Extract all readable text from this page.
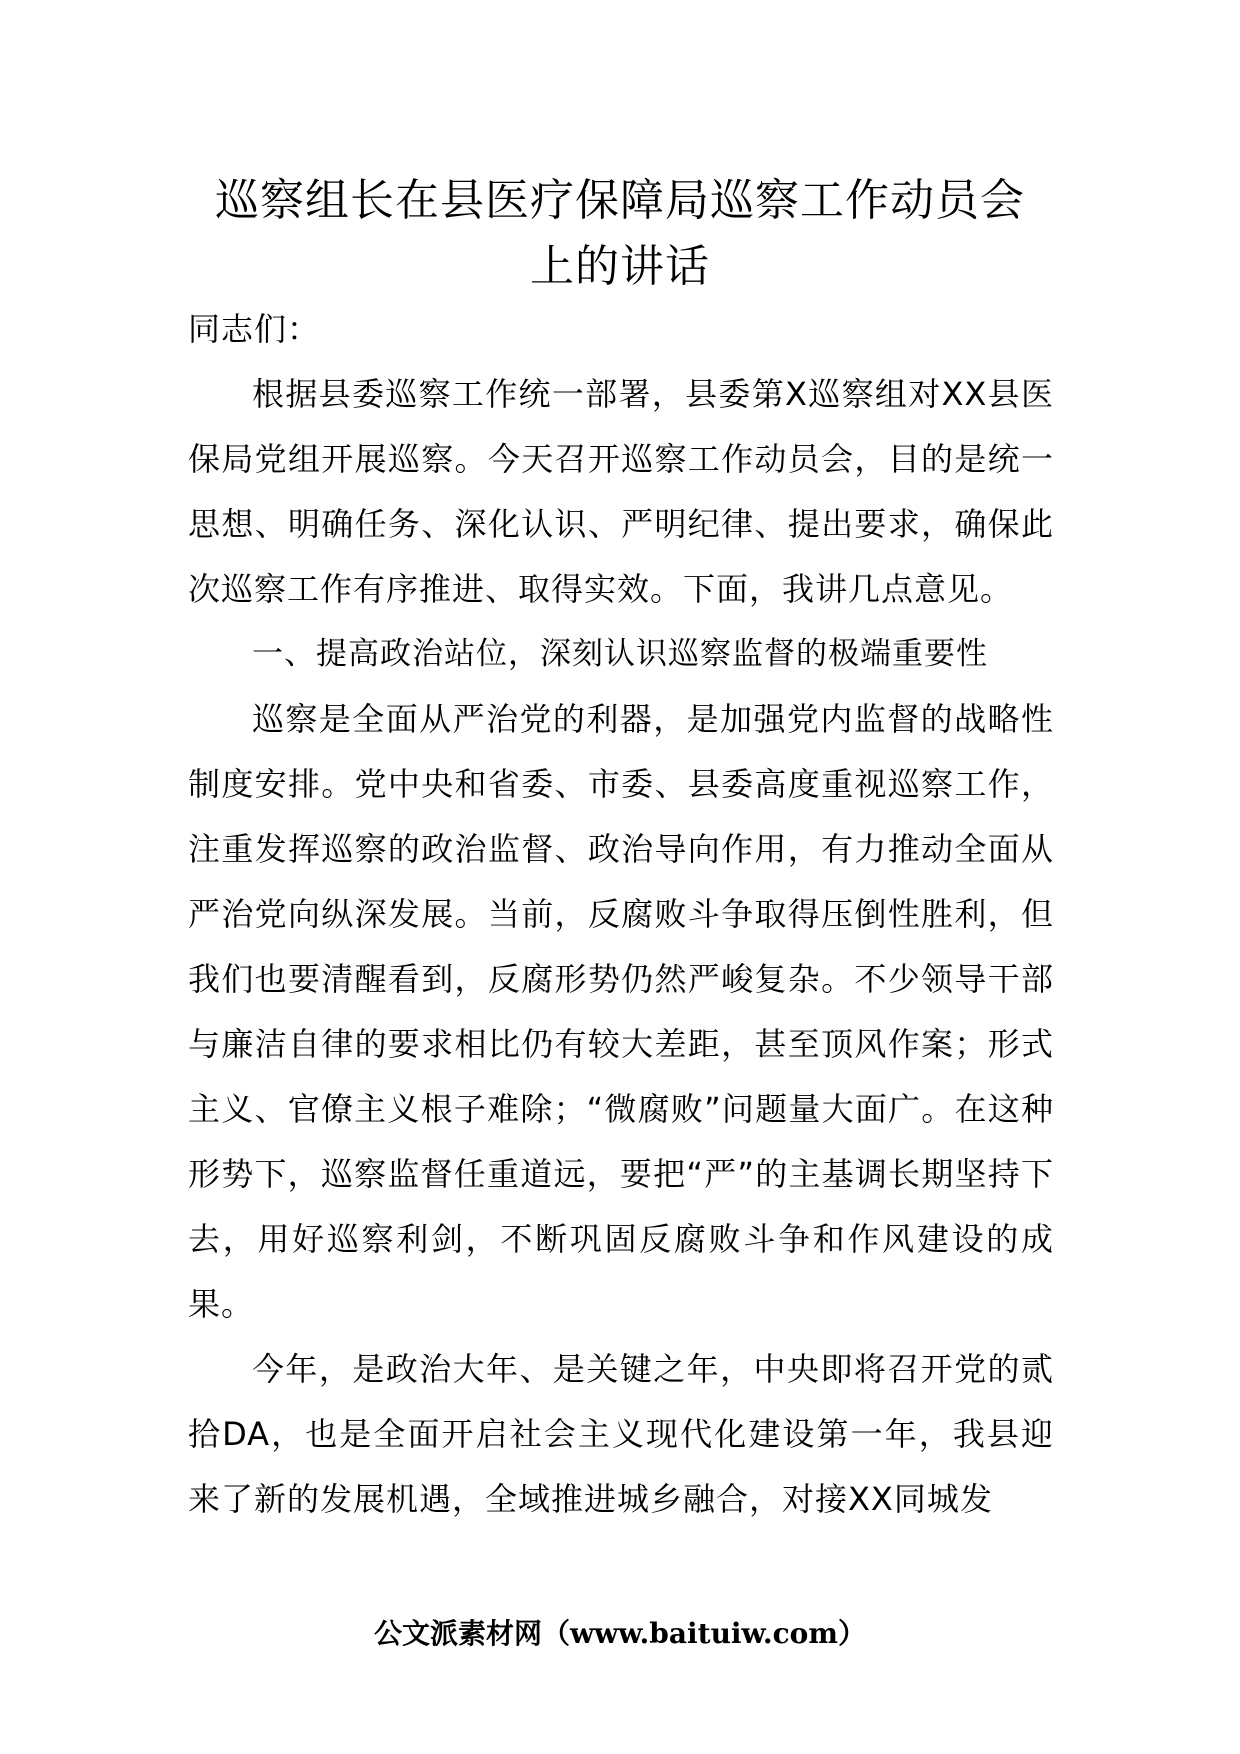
巡察组长在县医疗保障局巡察工作动员会
上的讲话

同志们：

根据县委巡察工作统一部署，县委第X巡察组对XX县医保局党组开展巡察。今天召开巡察工作动员会，目的是统一思想、明确任务、深化认识、严明纪律、提出要求，确保此次巡察工作有序推进、取得实效。下面，我讲几点意见。

一、提高政治站位，深刻认识巡察监督的极端重要性

巡察是全面从严治党的利器，是加强党内监督的战略性制度安排。党中央和省委、市委、县委高度重视巡察工作，注重发挥巡察的政治监督、政治导向作用，有力推动全面从严治党向纵深发展。当前，反腐败斗争取得压倒性胜利，但我们也要清醒看到，反腐形势仍然严峻复杂。不少领导干部与廉洁自律的要求相比仍有较大差距，甚至顶风作案；形式主义、官僚主义根子难除；“微腐败”问题量大面广。在这种形势下，巡察监督任重道远，要把“严”的主基调长期坚持下去，用好巡察利剑，不断巩固反腐败斗争和作风建设的成果。

今年，是政治大年、是关键之年，中央即将召开党的贰拾DA，也是全面开启社会主义现代化建设第一年，我县迎来了新的发展机遇，全域推进城乡融合，对接XX同城发

公文派素材网（www.baituiw.com）
